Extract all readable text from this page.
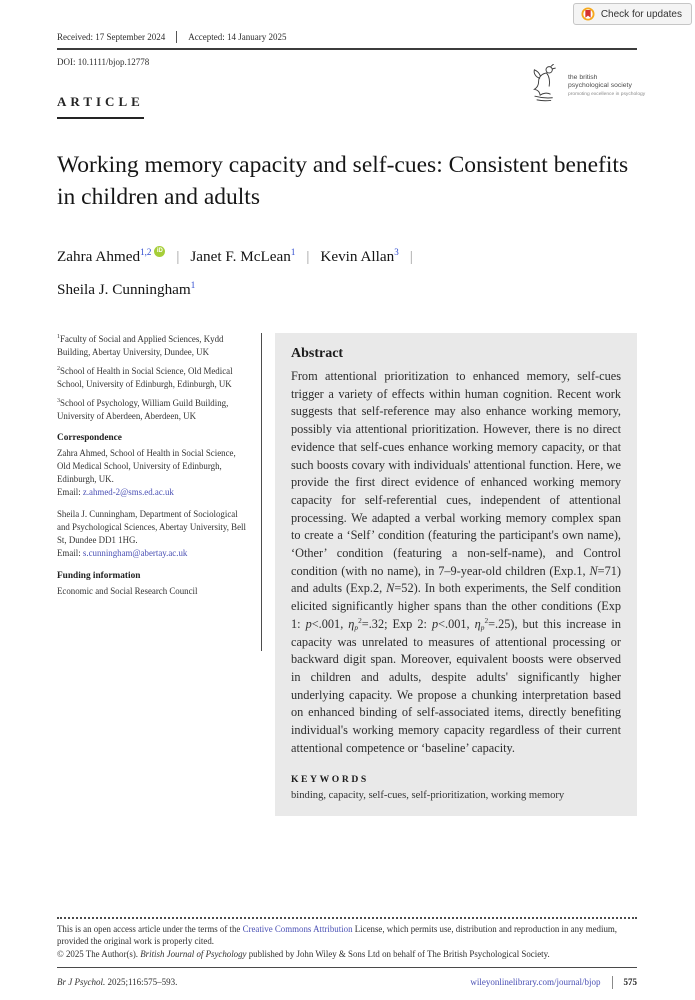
Check for updates
the british
psychological society
promoting excellence in psychology
Received: 17 September 2024	Accepted: 14 January 2025
DOI: 10.1111/bjop.12778
ARTICLE
Working memory capacity and self-cues: Consistent benefits in children and adults
Zahra Ahmed$^{1,2}$ iD | Janet F. McLean$^1$ | Kevin Allan$^3$ |
Sheila J. Cunningham$^1$

$^1$Faculty of Social and Applied Sciences, Kydd Building, Abertay University, Dundee, UK

$^2$School of Health in Social Science, Old Medical School, University of Edinburgh, Edinburgh, UK

$^3$School of Psychology, William Guild Building, University of Aberdeen, Aberdeen, UK

Correspondence

Zahra Ahmed, School of Health in Social Science, Old Medical School, University of Edinburgh, Edinburgh, UK.
Email: z.ahmed-2@sms.ed.ac.uk

Sheila J. Cunningham, Department of Sociological and Psychological Sciences, Abertay University, Bell St, Dundee DD1 1HG.
Email: s.cunningham@abertay.ac.uk

Funding information

Economic and Social Research Council

Abstract

From attentional prioritization to enhanced memory, self-cues trigger a variety of effects within human cognition. Recent work suggests that self-reference may also enhance working memory, possibly via attentional prioritization. However, there is no direct evidence that self-cues enhance working memory capacity, or that such boosts covary with individuals' attentional function. Here, we provide the first direct evidence of enhanced working memory capacity for self-referential cues, independent of attentional processing. We adapted a verbal working memory complex span to create a ‘Self’ condition (featuring the participant's own name), ‘Other’ condition (featuring a non-self-name), and Control condition (with no name), in 7–9-year-old children (Exp.1, N=71) and adults (Exp.2, N=52). In both experiments, the Self condition elicited significantly higher spans than the other conditions (Exp 1: p<.001, $\eta_p^2=.32$; Exp 2: p<.001, $\eta_p^2=.25$), but this increase in capacity was unrelated to measures of attentional processing or backward digit span. Moreover, equivalent boosts were observed in children and adults, despite adults' significantly higher underlying capacity. We propose a chunking interpretation based on enhanced binding of self-associated items, directly benefiting individual's working memory capacity regardless of their current attentional competence or ‘baseline’ capacity.

KEYWORDS

binding, capacity, self-cues, self-prioritization, working memory

This is an open access article under the terms of the Creative Commons Attribution License, which permits use, distribution and reproduction in any medium, provided the original work is properly cited.
© 2025 The Author(s). British Journal of Psychology published by John Wiley & Sons Ltd on behalf of The British Psychological Society.
Br J Psychol. 2025;116:575–593.	wileyonlinelibrary.com/journal/bjop	575
